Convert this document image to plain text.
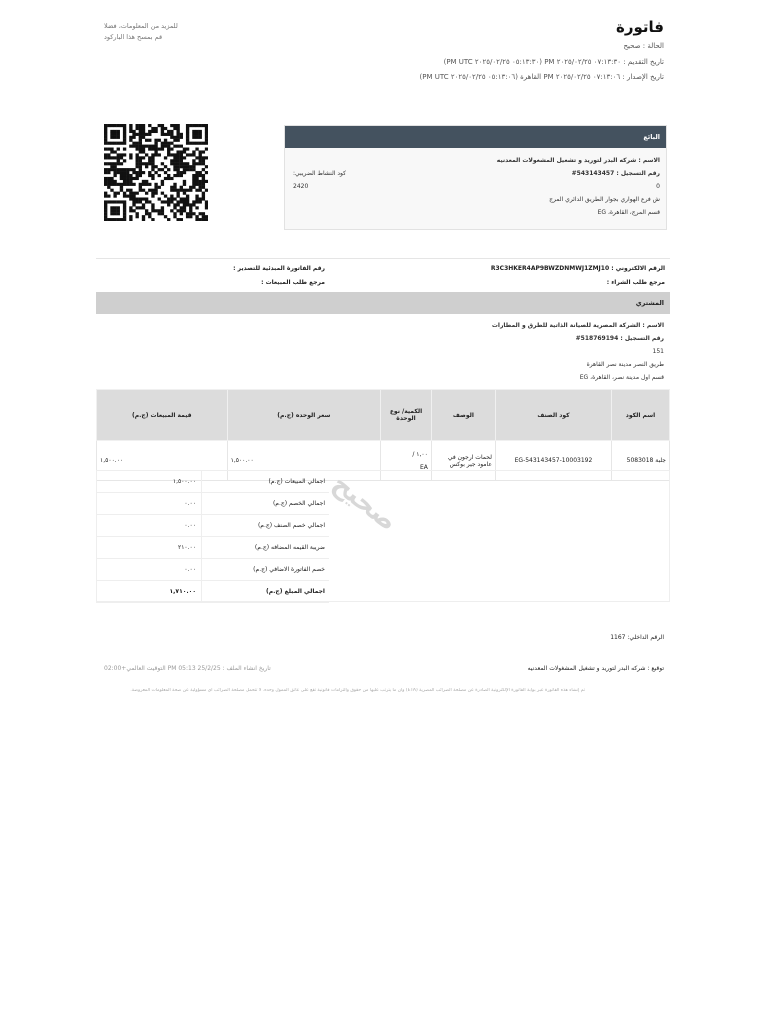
فاتورة
الحالة : صحيح
تاريخ التقديم : ٠٧:١٣:٣٠ ٢٠٢٥/٠٢/٢٥ PM (٠٥:١٣:٣٠ ٢٠٢٥/٠٢/٢٥ PM UTC)
تاريخ الإصدار : ٠٧:١٣:٠٦ ٢٠٢٥/٠٢/٢٥ PM القاهرة (٠٥:١٣:٠٦ ٢٠٢٥/٠٢/٢٥ PM UTC)
للمزيد من المعلومات، فضلا
قم بمسح هذا الباركود
البائع
الاسم : شركه البدر لتوريد و تشغيل المشغولات المعدنيه
رقم التسجيل : 543143457#
كود النشاط الضريبي:
2420	0
ش فرع الهواري بجوار الطريق الدائري المرج
قسم المرج، القاهرة، EG
الرقم الالكتروني : R3C3HKER4AP9BWZDNMWJ1ZMJ10
رقم الفاتورة المبدئية للتصدير :
مرجع طلب الشراء :
مرجع طلب المبيعات :
المشتري
الاسم : الشركة المصرية للصيانة الذاتية للطرق و المطارات
رقم التسجيل : 518769194#
151
طريق النصر مدينة نصر القاهرة
قسم اول مدينة نصر، القاهرة، EG
اسم الكود	كود الصنف	الوصف	الكمية/ نوع الوحدة	سعر الوحده (ج.م)	قيمة المبيعات (ج.م)
جلبة 5083018	EG-543143457-10003192	لحمات ارجون في عامود جير بوكس	١,٠٠ /
EA	١,٥٠٠.٠٠	١,٥٠٠.٠٠
اجمالي المبيعات (ج.م)
١,٥٠٠.٠٠
اجمالي الخصم (ج.م)
٠.٠٠
اجمالي خصم الصنف (ج.م)
٠.٠٠
ضريبة القيمه المضافه (ج.م)
٢١٠.٠٠
خصم الفاتورة الاضافي (ج.م)
٠.٠٠
اجمالي المبلغ (ج.م)
١,٧١٠.٠٠
صحيح
الرقم الداخلي: 1167
توقيع : شركه البدر لتوريد و تشغيل المشغولات المعدنيه
تاريخ انشاء الملف : PM 05:13 25/2/25 التوقيت العالمي+02:00
تم إنشاء هذه الفاتورة عبر بوابة الفاتورة الإلكترونية الصادرة عن مصلحة الضرائب المصرية (ETA) وأن ما يترتب عليها من حقوق والتزامات قانونية تقع على عاتق الممول وحده. لا تتحمل مصلحة الضرائب أي مسؤولية عن صحة المعلومات المعروضة.
